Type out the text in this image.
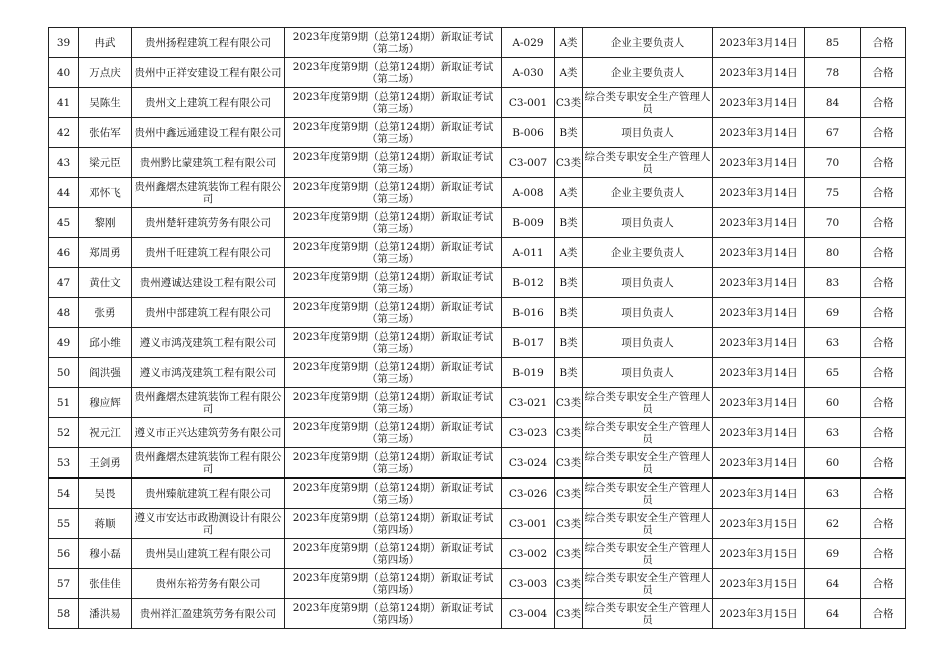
39	冉武	贵州扬程建筑工程有限公司	2023年度第9期（总第124期）新取证考试（第二场）	A-029	A类	企业主要负责人	2023年3月14日	85	合格
40	万点庆	贵州中正祥安建设工程有限公司	2023年度第9期（总第124期）新取证考试（第二场）	A-030	A类	企业主要负责人	2023年3月14日	78	合格
41	吴陈生	贵州文上建筑工程有限公司	2023年度第9期（总第124期）新取证考试（第三场）	C3-001	C3类	综合类专职安全生产管理人员	2023年3月14日	84	合格
42	张佑军	贵州中鑫远通建设工程有限公司	2023年度第9期（总第124期）新取证考试（第三场）	B-006	B类	项目负责人	2023年3月14日	67	合格
43	梁元臣	贵州黔比蒙建筑工程有限公司	2023年度第9期（总第124期）新取证考试（第三场）	C3-007	C3类	综合类专职安全生产管理人员	2023年3月14日	70	合格
44	邓怀飞	贵州鑫熠杰建筑装饰工程有限公司	2023年度第9期（总第124期）新取证考试（第三场）	A-008	A类	企业主要负责人	2023年3月14日	75	合格
45	黎刚	贵州楚轩建筑劳务有限公司	2023年度第9期（总第124期）新取证考试（第三场）	B-009	B类	项目负责人	2023年3月14日	70	合格
46	郑周勇	贵州千旺建筑工程有限公司	2023年度第9期（总第124期）新取证考试（第三场）	A-011	A类	企业主要负责人	2023年3月14日	80	合格
47	黄仕文	贵州遵诚达建设工程有限公司	2023年度第9期（总第124期）新取证考试（第三场）	B-012	B类	项目负责人	2023年3月14日	83	合格
48	张勇	贵州中部建筑工程有限公司	2023年度第9期（总第124期）新取证考试（第三场）	B-016	B类	项目负责人	2023年3月14日	69	合格
49	邱小维	遵义市鸿茂建筑工程有限公司	2023年度第9期（总第124期）新取证考试（第三场）	B-017	B类	项目负责人	2023年3月14日	63	合格
50	阎洪强	遵义市鸿茂建筑工程有限公司	2023年度第9期（总第124期）新取证考试（第三场）	B-019	B类	项目负责人	2023年3月14日	65	合格
51	穆应辉	贵州鑫熠杰建筑装饰工程有限公司	2023年度第9期（总第124期）新取证考试（第三场）	C3-021	C3类	综合类专职安全生产管理人员	2023年3月14日	60	合格
52	祝元江	遵义市正兴达建筑劳务有限公司	2023年度第9期（总第124期）新取证考试（第三场）	C3-023	C3类	综合类专职安全生产管理人员	2023年3月14日	63	合格
53	王剑勇	贵州鑫熠杰建筑装饰工程有限公司	2023年度第9期（总第124期）新取证考试（第三场）	C3-024	C3类	综合类专职安全生产管理人员	2023年3月14日	60	合格
54	吴畏	贵州臻航建筑工程有限公司	2023年度第9期（总第124期）新取证考试（第三场）	C3-026	C3类	综合类专职安全生产管理人员	2023年3月14日	63	合格
55	蒋顺	遵义市安达市政勘测设计有限公司	2023年度第9期（总第124期）新取证考试（第四场）	C3-001	C3类	综合类专职安全生产管理人员	2023年3月15日	62	合格
56	穆小磊	贵州昊山建筑工程有限公司	2023年度第9期（总第124期）新取证考试（第四场）	C3-002	C3类	综合类专职安全生产管理人员	2023年3月15日	69	合格
57	张佳佳	贵州东裕劳务有限公司	2023年度第9期（总第124期）新取证考试（第四场）	C3-003	C3类	综合类专职安全生产管理人员	2023年3月15日	64	合格
58	潘洪易	贵州祥汇盈建筑劳务有限公司	2023年度第9期（总第124期）新取证考试（第四场）	C3-004	C3类	综合类专职安全生产管理人员	2023年3月15日	64	合格
